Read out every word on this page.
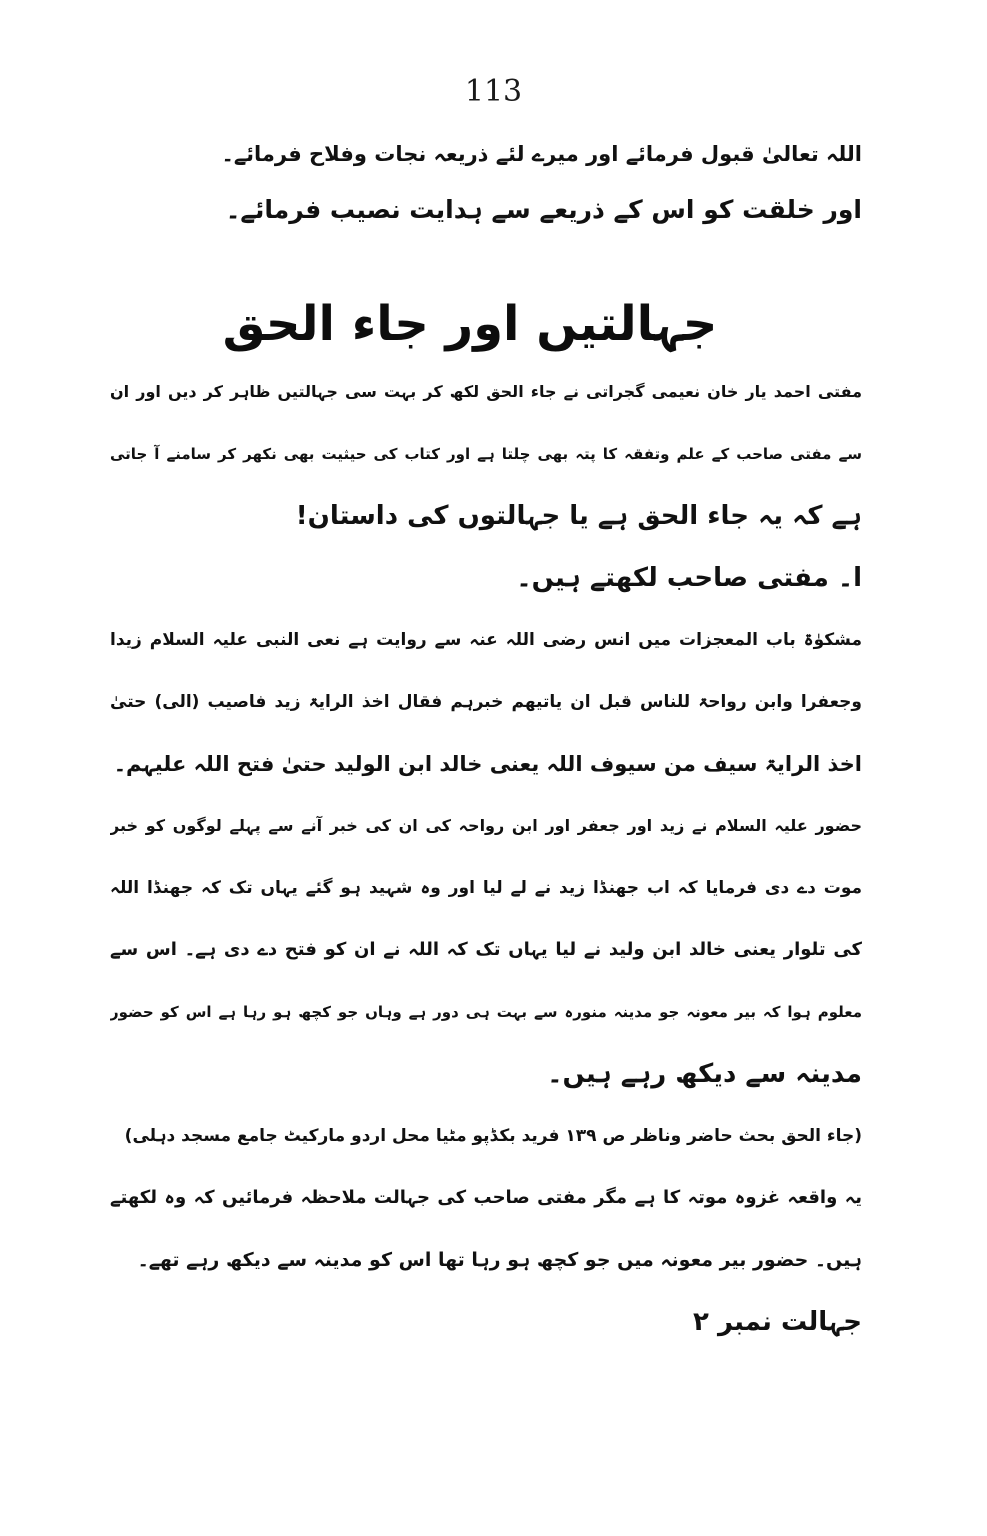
113
اللہ تعالیٰ قبول فرمائے اور میرے لئے ذریعہ نجات وفلاح فرمائے۔
اور خلقت کو اس کے ذریعے سے ہدایت نصیب فرمائے۔
جہالتیں اور جاء الحق
مفتی احمد یار خان نعیمی گجراتی نے جاء الحق لکھ کر بہت سی جہالتیں ظاہر کر دیں اور ان
سے مفتی صاحب کے علم وتفقہ کا پتہ بھی چلتا ہے اور کتاب کی حیثیت بھی نکھر کر سامنے آ جاتی
ہے کہ یہ جاء الحق ہے یا جہالتوں کی داستان!
ا۔ مفتی صاحب لکھتے ہیں۔
مشکوٰۃ باب المعجزات میں انس رضی اللہ عنہ سے روایت ہے نعی النبی علیہ السلام زیدا
وجعفرا وابن رواحۃ للناس قبل ان یاتیھم خبرہم فقال اخذ الرایۃ زید فاصیب (الی) حتیٰ
اخذ الرایۃ سیف من سیوف اللہ یعنی خالد ابن الولید حتیٰ فتح اللہ علیہم۔
حضور علیہ السلام نے زید اور جعفر اور ابن رواحہ کی ان کی خبر آنے سے پہلے لوگوں کو خبر
موت دے دی فرمایا کہ اب جھنڈا زید نے لے لیا اور وہ شہید ہو گئے یہاں تک کہ جھنڈا اللہ
کی تلوار یعنی خالد ابن ولید نے لیا یہاں تک کہ اللہ نے ان کو فتح دے دی ہے۔ اس سے
معلوم ہوا کہ بیر معونہ جو مدینہ منورہ سے بہت ہی دور ہے وہاں جو کچھ ہو رہا ہے اس کو حضور
مدینہ سے دیکھ رہے ہیں۔
(جاء الحق بحث حاضر وناظر ص ۱۳۹ فرید بکڈپو مٹیا محل اردو مارکیٹ جامع مسجد دہلی)
یہ واقعہ غزوہ موتہ کا ہے مگر مفتی صاحب کی جہالت ملاحظہ فرمائیں کہ وہ لکھتے
ہیں۔ حضور بیر معونہ میں جو کچھ ہو رہا تھا اس کو مدینہ سے دیکھ رہے تھے۔
جہالت نمبر ۲
